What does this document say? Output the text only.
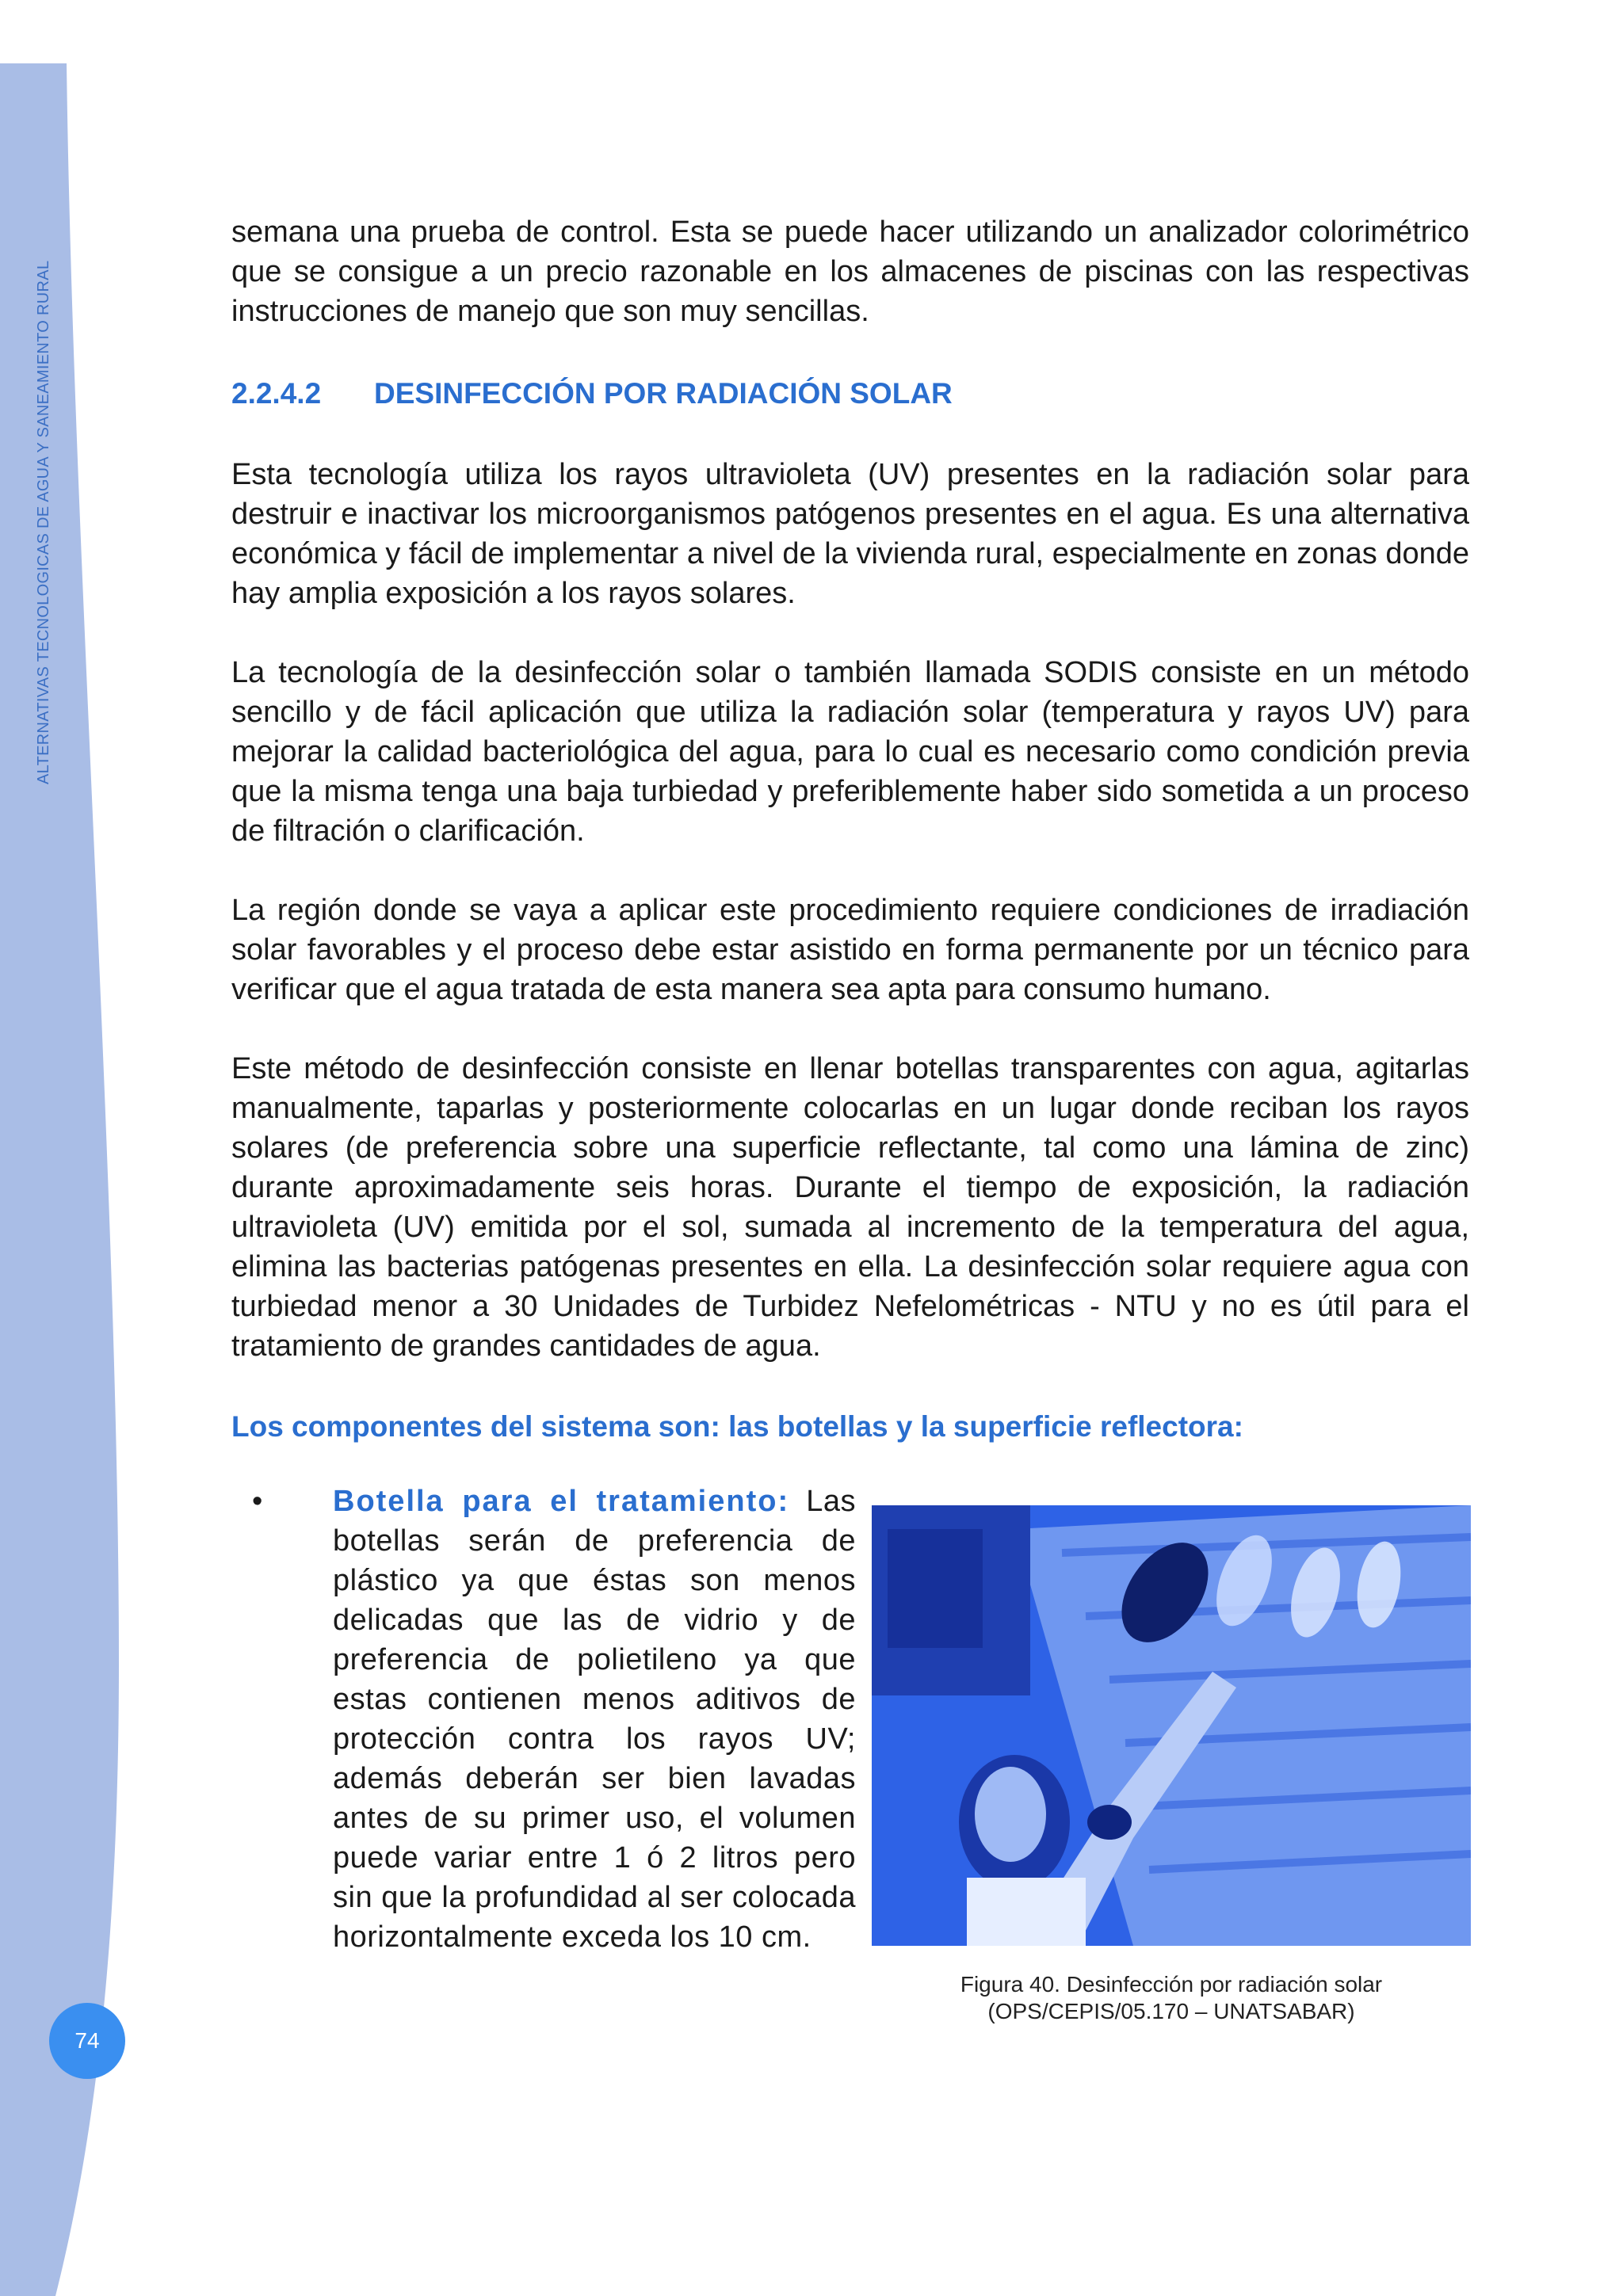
ALTERNATIVAS TECNOLOGICAS DE AGUA Y SANEAMIENTO RURAL
74

semana una prueba de control. Esta se puede hacer utilizando un analizador colorimétrico que se consigue a un precio razonable en los almacenes de piscinas con las respectivas instrucciones de manejo que son muy sencillas.

2.2.4.2 DESINFECCIÓN POR RADIACIÓN SOLAR

Esta tecnología utiliza los rayos ultravioleta (UV) presentes en la radiación solar para destruir e inactivar los microorganismos patógenos presentes en el agua. Es una alternativa económica y fácil de implementar a nivel de la vivienda rural, especialmente en zonas donde hay amplia exposición a los rayos solares.

La tecnología de la desinfección solar o también llamada SODIS consiste en un método sencillo y de fácil aplicación que utiliza la radiación solar (temperatura y rayos UV) para mejorar la calidad bacteriológica del agua, para lo cual es necesario como condición previa que la misma tenga una baja turbiedad y preferiblemente haber sido sometida a un proceso de filtración o clarificación.

La región donde se vaya a aplicar este procedimiento requiere condiciones de irradiación solar favorables y el proceso debe estar asistido en forma permanente por un técnico para verificar que el agua tratada de esta manera sea apta para consumo humano.

Este método de desinfección consiste en llenar botellas transparentes con agua, agitarlas manualmente, taparlas y posteriormente colocarlas en un lugar donde reciban los rayos solares (de preferencia sobre una superficie reflectante, tal como una lámina de zinc) durante aproximadamente seis horas. Durante el tiempo de exposición, la radiación ultravioleta (UV) emitida por el sol, sumada al incremento de la temperatura del agua, elimina las bacterias patógenas presentes en ella. La desinfección solar requiere agua con turbiedad menor a 30 Unidades de Turbidez Nefelométricas - NTU y no es útil para el tratamiento de grandes cantidades de agua.

Los componentes del sistema son: las botellas y la superficie reflectora:
• Botella para el tratamiento: Las botellas serán de preferencia de plástico ya que éstas son menos delicadas que las de vidrio y de preferencia de polietileno ya que estas contienen menos aditivos de protección contra los rayos UV; además deberán ser bien lavadas antes de su primer uso, el volumen puede variar entre 1 ó 2 litros pero sin que la profundidad al ser colocada horizontalmente exceda los 10 cm.
Figura 40. Desinfección por radiación solar
(OPS/CEPIS/05.170 – UNATSABAR)
